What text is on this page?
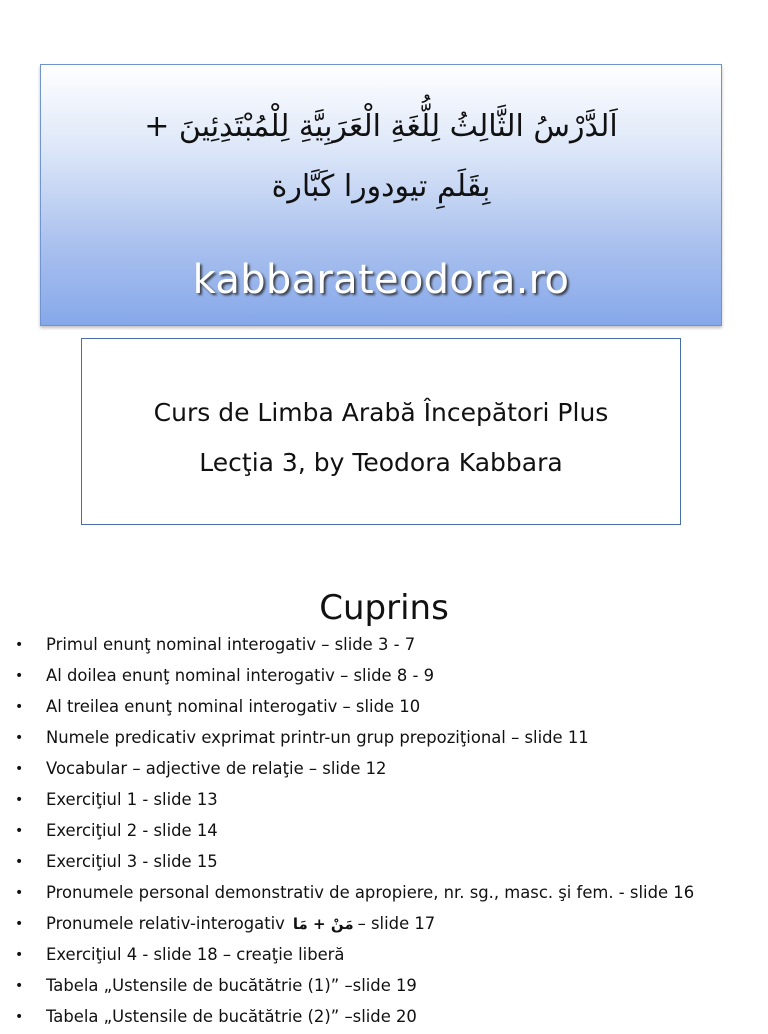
اَلدَّرْسُ الثَّالِثُ لِلُّغَةِ الْعَرَبِيَّةِ لِلْمُبْتَدِئِينَ +
بِقَلَمِ تيودورا كَبَّارة
kabbarateodora.ro
Curs de Limba Arabă Începători Plus
Lecţia 3, by Teodora Kabbara
Cuprins
• Primul enunţ nominal interogativ – slide 3 - 7
• Al doilea enunţ nominal interogativ – slide 8 - 9
• Al treilea enunţ nominal interogativ – slide 10
• Numele predicativ exprimat printr-un grup prepoziţional – slide 11
• Vocabular – adjective de relaţie – slide 12
• Exerciţiul 1 - slide 13
• Exerciţiul 2 - slide 14
• Exerciţiul 3 - slide 15
• Pronumele personal demonstrativ de apropiere, nr. sg., masc. şi fem. - slide 16
• Pronumele relativ-interogativ مَنْ + مَا – slide 17
• Exerciţiul 4 - slide 18 – creaţie liberă
• Tabela „Ustensile de bucătătrie (1)” –slide 19
• Tabela „Ustensile de bucătătrie (2)” –slide 20
